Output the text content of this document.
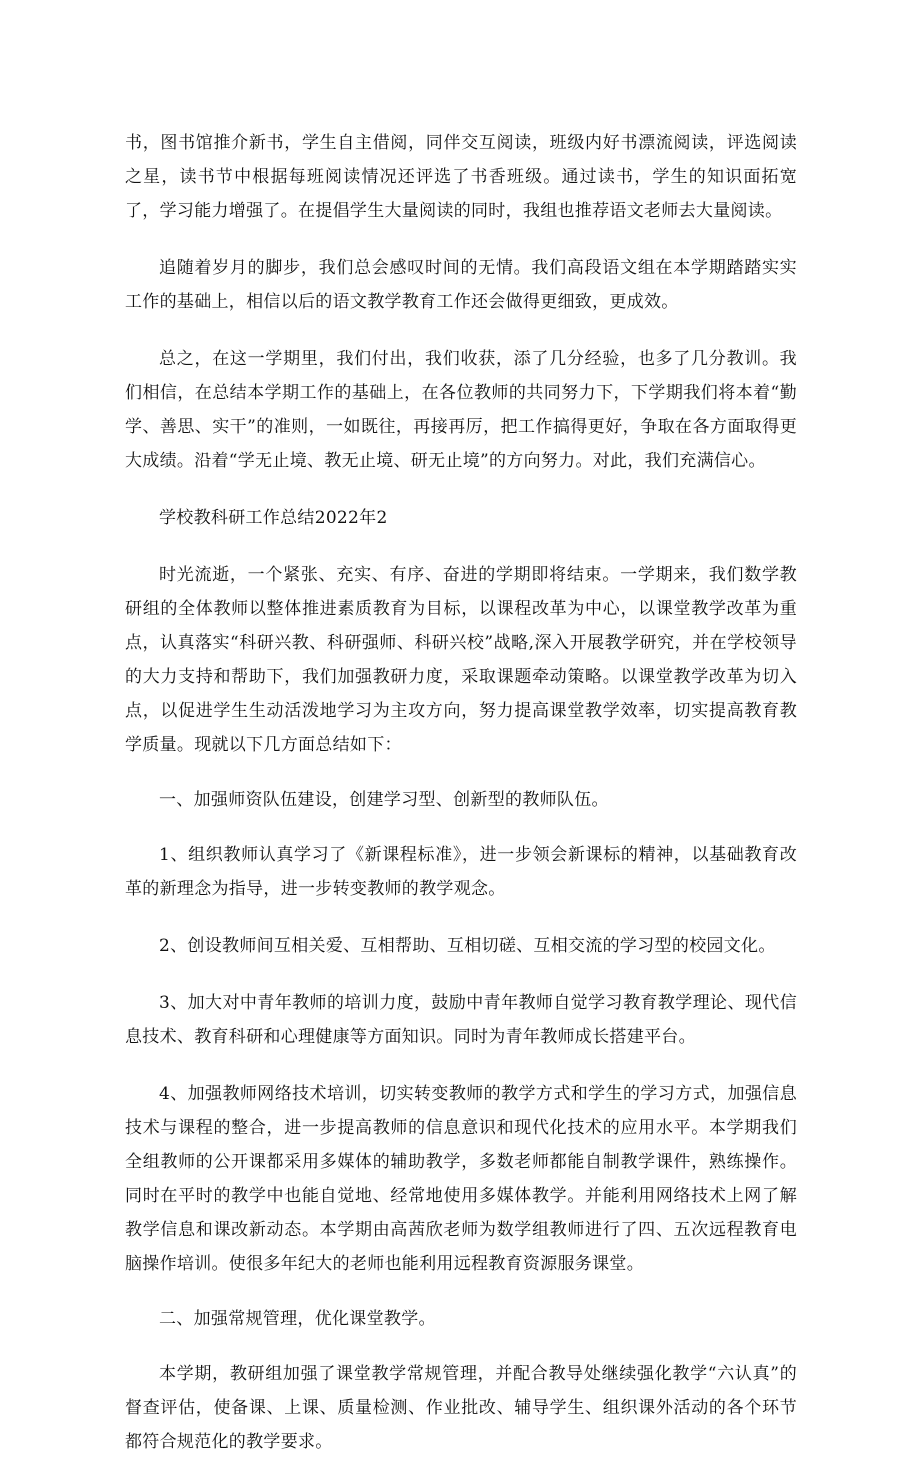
书，图书馆推介新书，学生自主借阅，同伴交互阅读，班级内好书漂流阅读，评选阅读之星，读书节中根据每班阅读情况还评选了书香班级。通过读书，学生的知识面拓宽了，学习能力增强了。在提倡学生大量阅读的同时，我组也推荐语文老师去大量阅读。

追随着岁月的脚步，我们总会感叹时间的无情。我们高段语文组在本学期踏踏实实工作的基础上，相信以后的语文教学教育工作还会做得更细致，更成效。

总之，在这一学期里，我们付出，我们收获，添了几分经验，也多了几分教训。我们相信，在总结本学期工作的基础上，在各位教师的共同努力下，下学期我们将本着“勤学、善思、实干”的准则，一如既往，再接再厉，把工作搞得更好，争取在各方面取得更大成绩。沿着“学无止境、教无止境、研无止境”的方向努力。对此，我们充满信心。

学校教科研工作总结2022年2

时光流逝，一个紧张、充实、有序、奋进的学期即将结束。一学期来，我们数学教研组的全体教师以整体推进素质教育为目标，以课程改革为中心，以课堂教学改革为重点，认真落实“科研兴教、科研强师、科研兴校”战略,深入开展教学研究，并在学校领导的大力支持和帮助下，我们加强教研力度，采取课题牵动策略。以课堂教学改革为切入点，以促进学生生动活泼地学习为主攻方向，努力提高课堂教学效率，切实提高教育教学质量。现就以下几方面总结如下：

一、加强师资队伍建设，创建学习型、创新型的教师队伍。

1、组织教师认真学习了《新课程标准》，进一步领会新课标的精神，以基础教育改革的新理念为指导，进一步转变教师的教学观念。

2、创设教师间互相关爱、互相帮助、互相切磋、互相交流的学习型的校园文化。

3、加大对中青年教师的培训力度，鼓励中青年教师自觉学习教育教学理论、现代信息技术、教育科研和心理健康等方面知识。同时为青年教师成长搭建平台。

4、加强教师网络技术培训，切实转变教师的教学方式和学生的学习方式，加强信息技术与课程的整合，进一步提高教师的信息意识和现代化技术的应用水平。本学期我们全组教师的公开课都采用多媒体的辅助教学，多数老师都能自制教学课件，熟练操作。同时在平时的教学中也能自觉地、经常地使用多媒体教学。并能利用网络技术上网了解教学信息和课改新动态。本学期由高茜欣老师为数学组教师进行了四、五次远程教育电脑操作培训。使很多年纪大的老师也能利用远程教育资源服务课堂。

二、加强常规管理，优化课堂教学。

本学期，教研组加强了课堂教学常规管理，并配合教导处继续强化教学“六认真”的督查评估，使备课、上课、质量检测、作业批改、辅导学生、组织课外活动的各个环节都符合规范化的教学要求。
